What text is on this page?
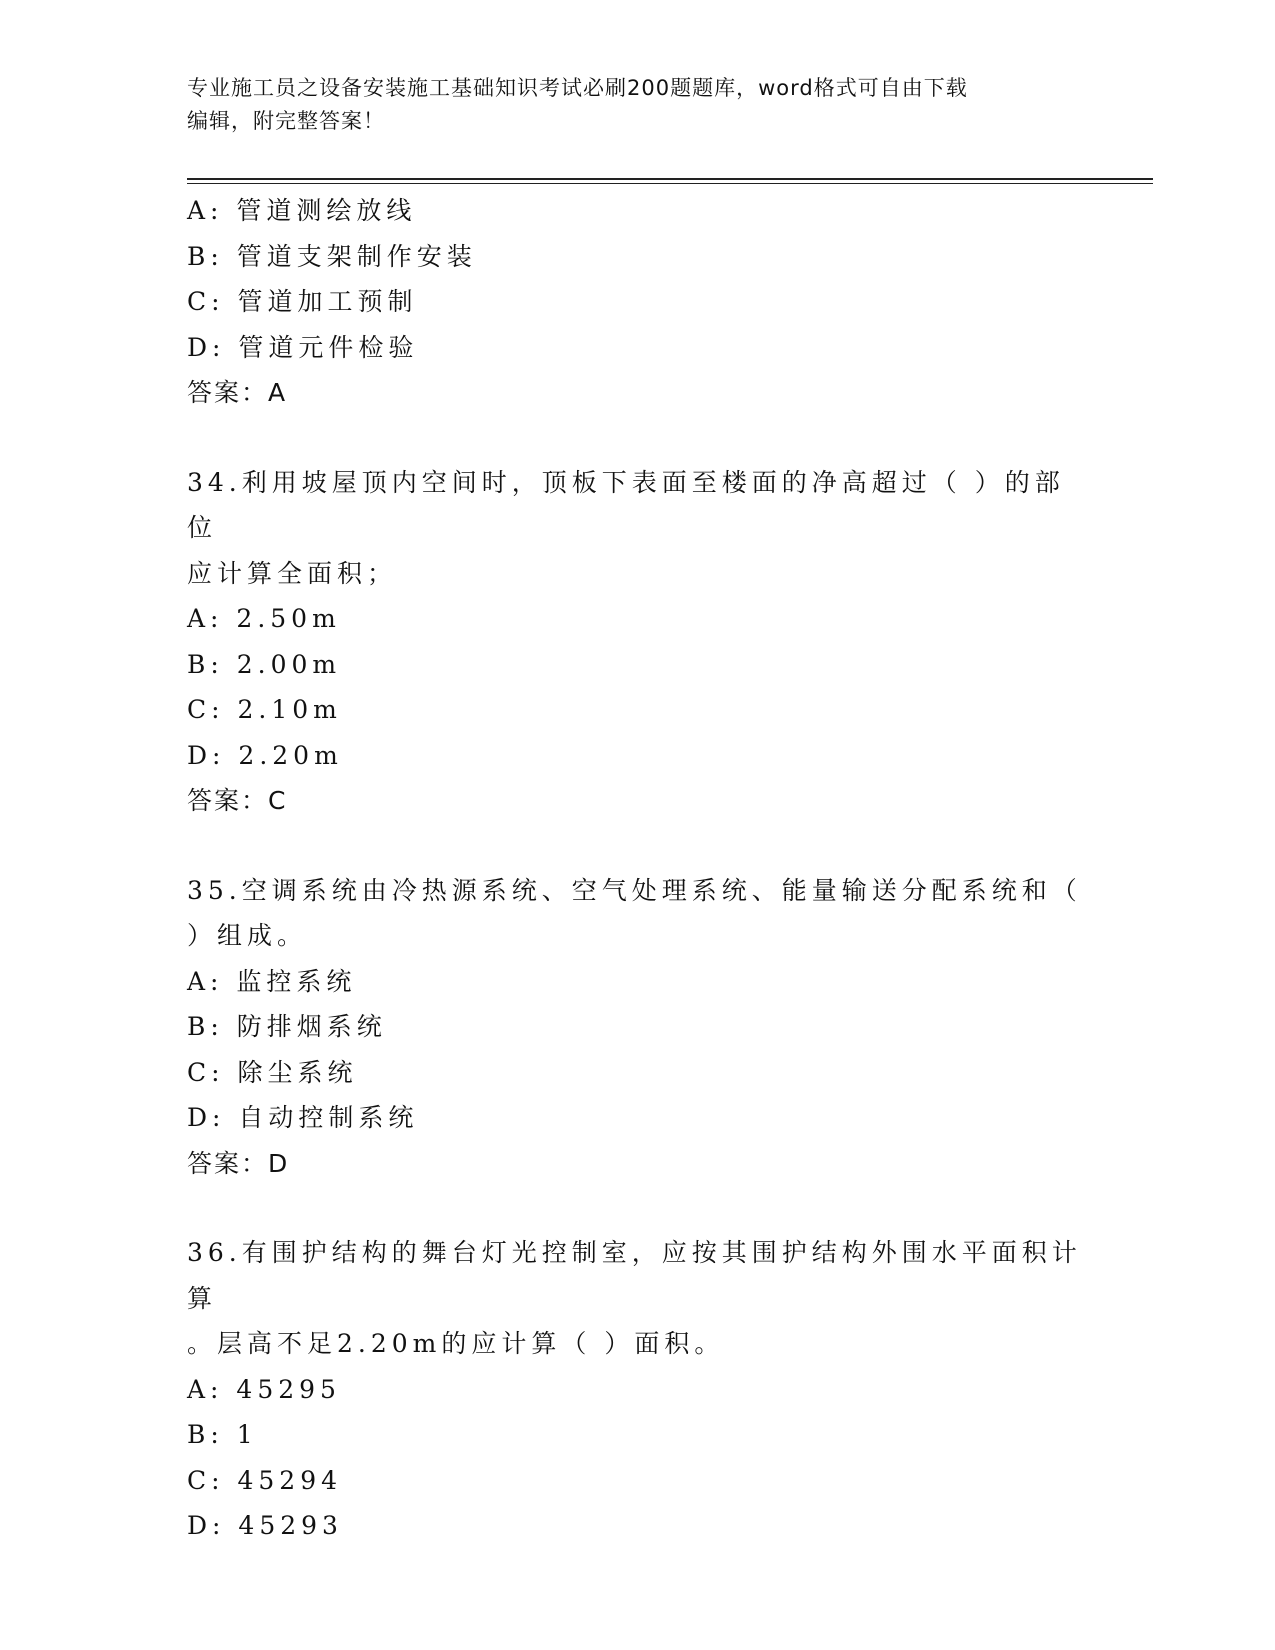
专业施工员之设备安装施工基础知识考试必刷200题题库，word格式可自由下载
编辑，附完整答案！
A: 管道测绘放线
B: 管道支架制作安装
C: 管道加工预制
D: 管道元件检验
答案：A
34.利用坡屋顶内空间时，顶板下表面至楼面的净高超过（ ）的部位
应计算全面积；
A: 2.50m
B: 2.00m
C: 2.10m
D: 2.20m
答案：C
35.空调系统由冷热源系统、空气处理系统、能量输送分配系统和（
）组成。
A: 监控系统
B: 防排烟系统
C: 除尘系统
D: 自动控制系统
答案：D
36.有围护结构的舞台灯光控制室，应按其围护结构外围水平面积计算
。层高不足2.20m的应计算（ ）面积。
A: 45295
B: 1
C: 45294
D: 45293
